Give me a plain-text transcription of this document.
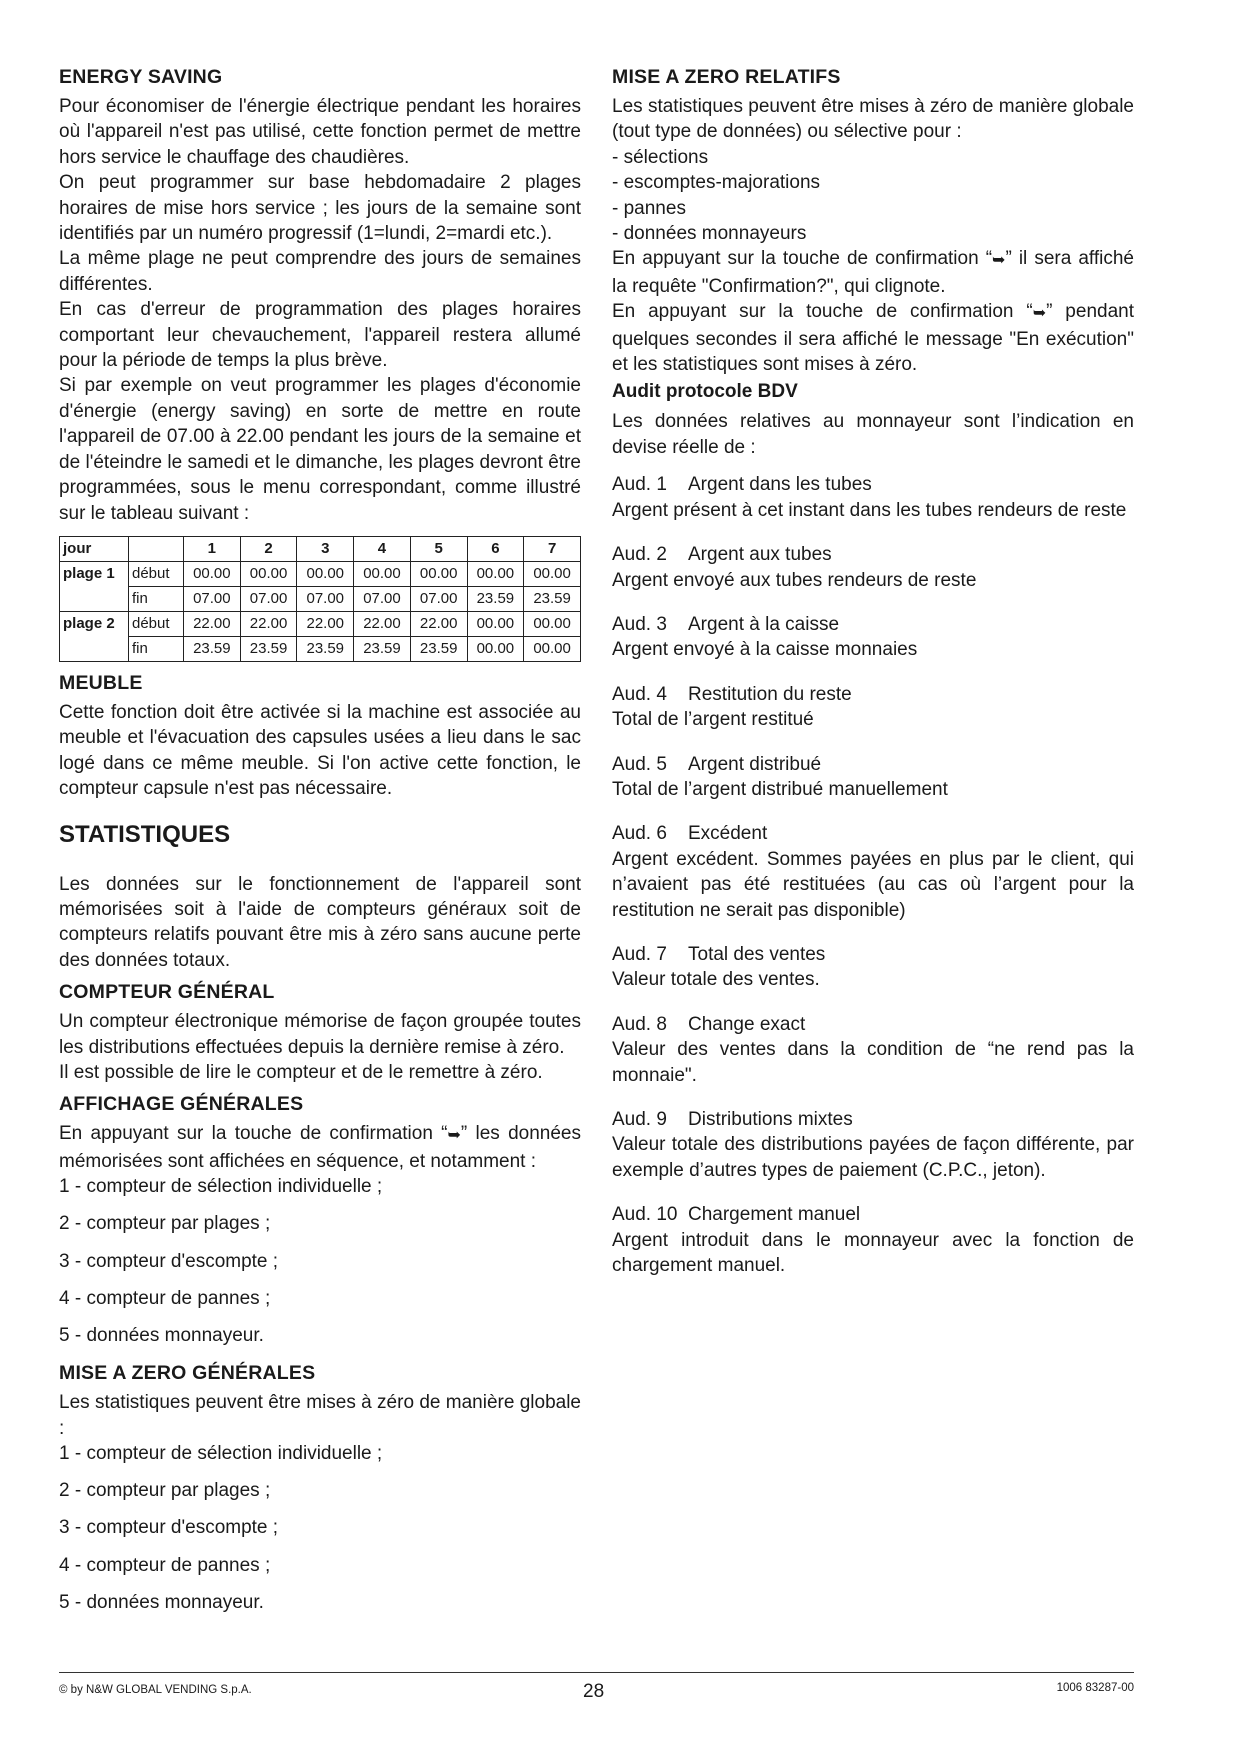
ENERGY SAVING

Pour économiser de l'énergie électrique pendant les horaires où l'appareil n'est pas utilisé, cette fonction permet de mettre hors service le chauffage des chaudières.

On peut programmer sur base hebdomadaire 2 plages horaires de mise hors service ; les jours de la semaine sont identifiés par un numéro progressif (1=lundi, 2=mardi etc.).

La même plage ne peut comprendre des jours de semaines différentes.

En cas d'erreur de programmation des plages horaires comportant leur chevauchement, l'appareil restera allumé pour la période de temps la plus brève.

Si par exemple on veut programmer les plages d'économie d'énergie (energy saving) en sorte de mettre en route l'appareil de 07.00 à 22.00 pendant les jours de la semaine et de l'éteindre le samedi et le dimanche, les plages devront être programmées, sous le menu correspondant, comme illustré sur le tableau suivant :

jour		1	2	3	4	5	6	7
plage 1	début	00.00	00.00	00.00	00.00	00.00	00.00	00.00
	fin	07.00	07.00	07.00	07.00	07.00	23.59	23.59
plage 2	début	22.00	22.00	22.00	22.00	22.00	00.00	00.00
	fin	23.59	23.59	23.59	23.59	23.59	00.00	00.00
MEUBLE

Cette fonction doit être activée si la machine est associée au meuble et l'évacuation des capsules usées a lieu dans le sac logé dans ce même meuble. Si l'on active cette fonction, le compteur capsule n'est pas nécessaire.

STATISTIQUES

Les données sur le fonctionnement de l'appareil sont mémorisées soit à l'aide de compteurs généraux soit de compteurs relatifs pouvant être mis à zéro sans aucune perte des données totaux.

COMPTEUR GÉNÉRAL

Un compteur électronique mémorise de façon groupée toutes les distributions effectuées depuis la dernière remise à zéro.

Il est possible de lire le compteur et de le remettre à zéro.

AFFICHAGE GÉNÉRALES

En appuyant sur la touche de confirmation “➥” les données mémorisées sont affichées en séquence, et notamment :

1 - compteur de sélection individuelle ;
2 - compteur par plages ;
3 - compteur d'escompte ;
4 - compteur de pannes ;
5 - données monnayeur.
MISE A ZERO GÉNÉRALES

Les statistiques peuvent être mises à zéro de manière globale :

1 - compteur de sélection individuelle ;
2 - compteur par plages ;
3 - compteur d'escompte ;
4 - compteur de pannes ;
5 - données monnayeur.
MISE A ZERO RELATIFS

Les statistiques peuvent être mises à zéro de manière globale (tout type de données) ou sélective pour :

- sélections
- escomptes-majorations
- pannes
- données monnayeurs

En appuyant sur la touche de confirmation “➥” il sera affiché la requête "Confirmation?", qui clignote.

En appuyant sur la touche de confirmation “➥” pendant quelques secondes il sera affiché le message "En exécution" et les statistiques sont mises à zéro.

Audit protocole BDV

Les données relatives au monnayeur sont l’indication en devise réelle de :

Aud. 1 Argent dans les tubes

Argent présent à cet instant dans les tubes rendeurs de reste

Aud. 2 Argent aux tubes

Argent envoyé aux tubes rendeurs de reste

Aud. 3 Argent à la caisse

Argent envoyé à la caisse monnaies

Aud. 4 Restitution du reste

Total de l’argent restitué

Aud. 5 Argent distribué

Total de l’argent distribué manuellement

Aud. 6 Excédent

Argent excédent. Sommes payées en plus par le client, qui n’avaient pas été restituées (au cas où l’argent pour la restitution ne serait pas disponible)

Aud. 7 Total des ventes

Valeur totale des ventes.

Aud. 8 Change exact

Valeur des ventes dans la condition de “ne rend pas la monnaie".

Aud. 9 Distributions mixtes

Valeur totale des distributions payées de façon différente, par exemple d’autres types de paiement (C.P.C., jeton).

Aud. 10 Chargement manuel

Argent introduit dans le monnayeur avec la fonction de chargement manuel.

© by N&W GLOBAL VENDING S.p.A.	28	1006 83287-00
